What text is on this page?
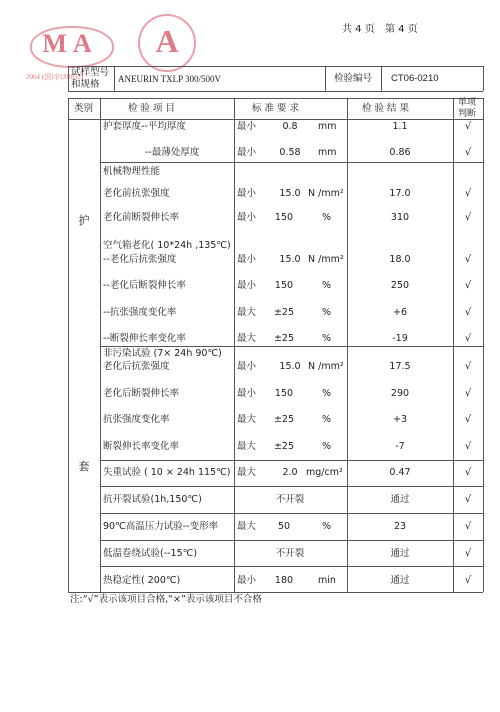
MA	A
2004 (国)字(Z0032)
共 4 页 第 4 页
试样型号
和规格 ANEURIN TXLP 300/500V	检验编号 CT06-0210
类别	检 验 项 目	标 准 要 求	检 验 结 果	单项
判断
护
套
护套厚度--平均厚度	最小	0.8	mm	1.1	√
--最薄处厚度	最小	0.58	mm	0.86	√
机械物理性能
老化前抗张强度	最小	15.0 N /mm²	17.0	√
老化前断裂伸长率	最小	150	%	310	√
空气箱老化( 10*24h ,135℃)
--老化后抗张强度	最小	15.0 N /mm²	18.0	√
--老化后断裂伸长率	最小	150	%	250	√
--抗张强度变化率	最大	±25	%	+6	√
--断裂伸长率变化率	最大	±25	%	-19	√
非污染试验 (7× 24h 90℃)
老化后抗张强度	最小	15.0 N /mm²	17.5	√
老化后断裂伸长率	最小	150	%	290	√
抗张强度变化率	最大	±25	%	+3	√
断裂伸长率变化率	最大	±25	%	-7	√
失重试验 ( 10 × 24h 115℃) 最大	2.0 mg/cm²	0.47	√
抗开裂试验(1h,150℃)	不开裂	通过	√
90℃高温压力试验--变形率 最大	50	%	23	√
低温卷绕试验(--15℃)	不开裂	通过	√
热稳定性( 200℃)	最小	180	min	通过	√
注:“√”表示该项目合格,“×”表示该项目不合格
